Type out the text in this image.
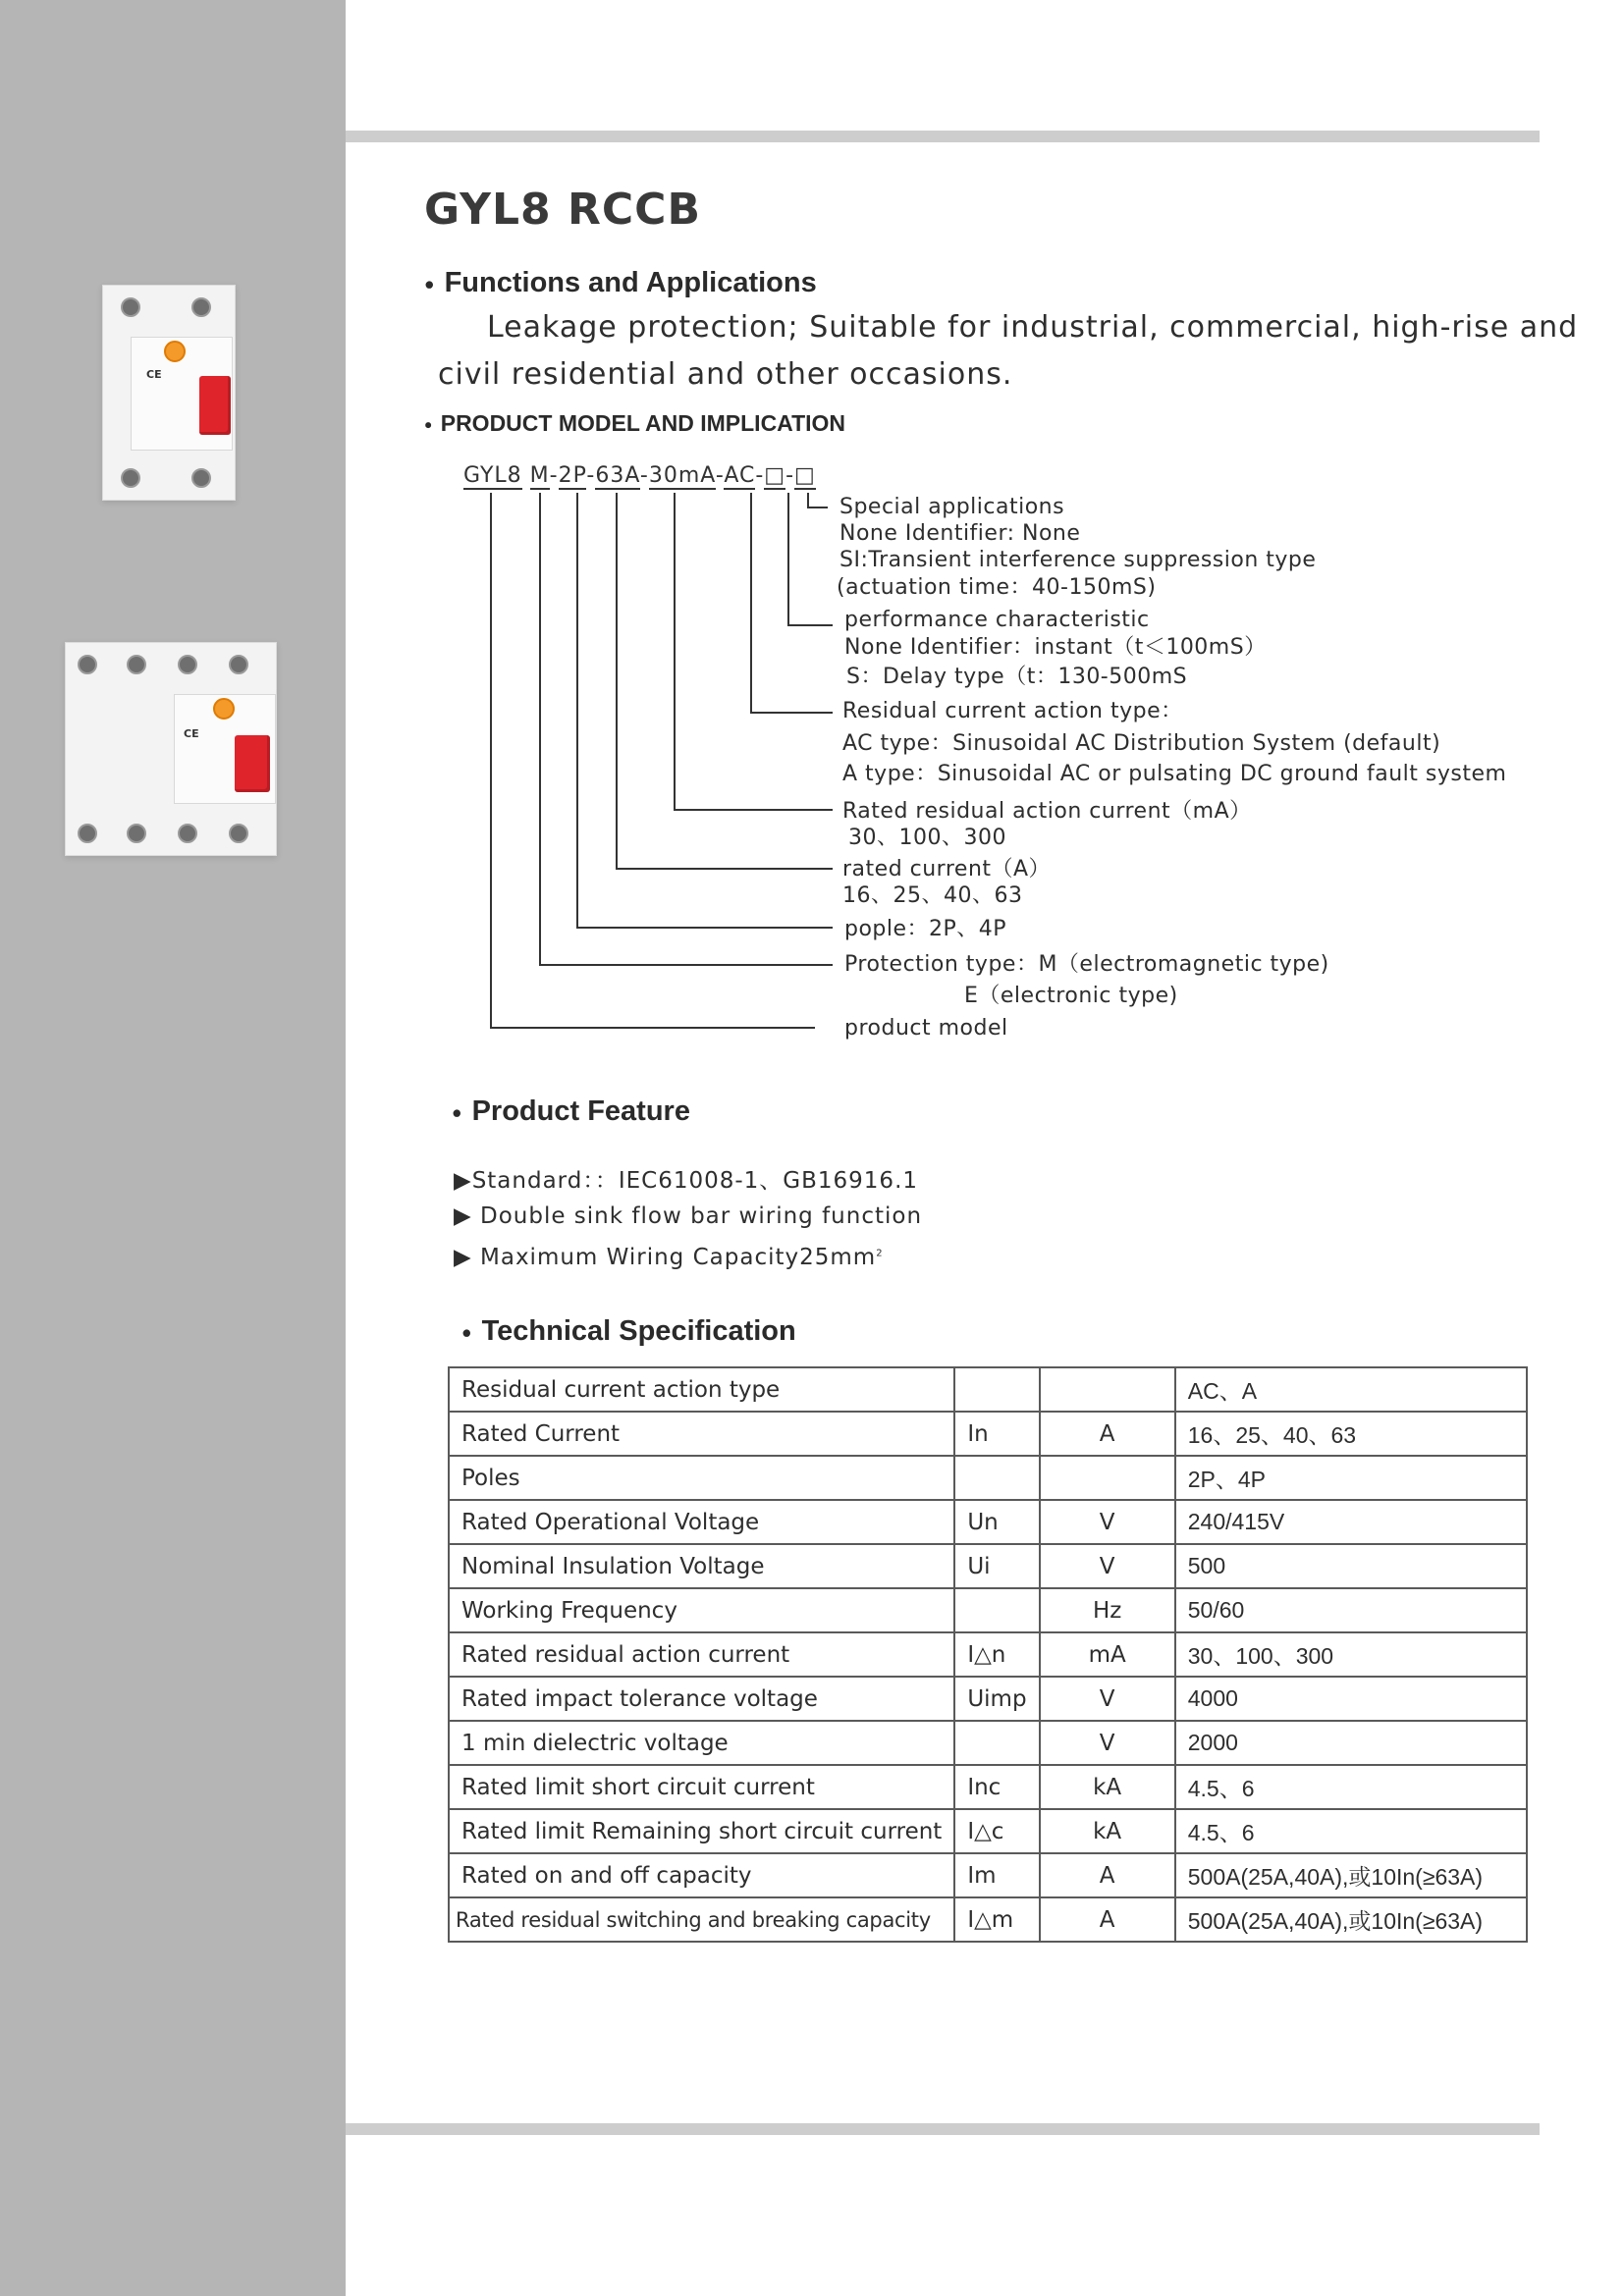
CE
CE
GYL8 RCCB
● Functions and Applications
Leakage protection; Suitable for industrial, commercial, high-rise and
civil residential and other occasions.
● PRODUCT MODEL AND IMPLICATION
GYL8 M-2P-63A-30mA-AC-□-□
Special applications
None Identifier: None
SI:Transient interference suppression type
(actuation time：40-150mS)
performance characteristic
None Identifier：instant（t＜100mS）
S：Delay type（t：130-500mS
Residual current action type：
AC type：Sinusoidal AC Distribution System (default)
A type：Sinusoidal AC or pulsating DC ground fault system
Rated residual action current（mA）
30、100、300
rated current（A）
16、25、40、63
pople：2P、4P
Protection type：M（electromagnetic type)
E（electronic type)
product model
● Product Feature
▶Standard：：IEC61008-1、GB16916.1
▶ Double sink flow bar wiring function
▶ Maximum Wiring $Capacity25mm^2$
● Technical Specification
Residual current action type			AC、A
Rated Current	In	A	16、25、40、63
Poles			2P、4P
Rated Operational Voltage	Un	V	240/415V
Nominal Insulation Voltage	Ui	V	500
Working Frequency		Hz	50/60
Rated residual action current	I△n	mA	30、100、300
Rated impact tolerance voltage	Uimp	V	4000
1 min dielectric voltage		V	2000
Rated limit short circuit current	Inc	kA	4.5、6
Rated limit Remaining short circuit current	I△c	kA	4.5、6
Rated on and off capacity	Im	A	500A(25A,40A),或10In(≥63A)
Rated residual switching and breaking capacity	I△m	A	500A(25A,40A),或10In(≥63A)
